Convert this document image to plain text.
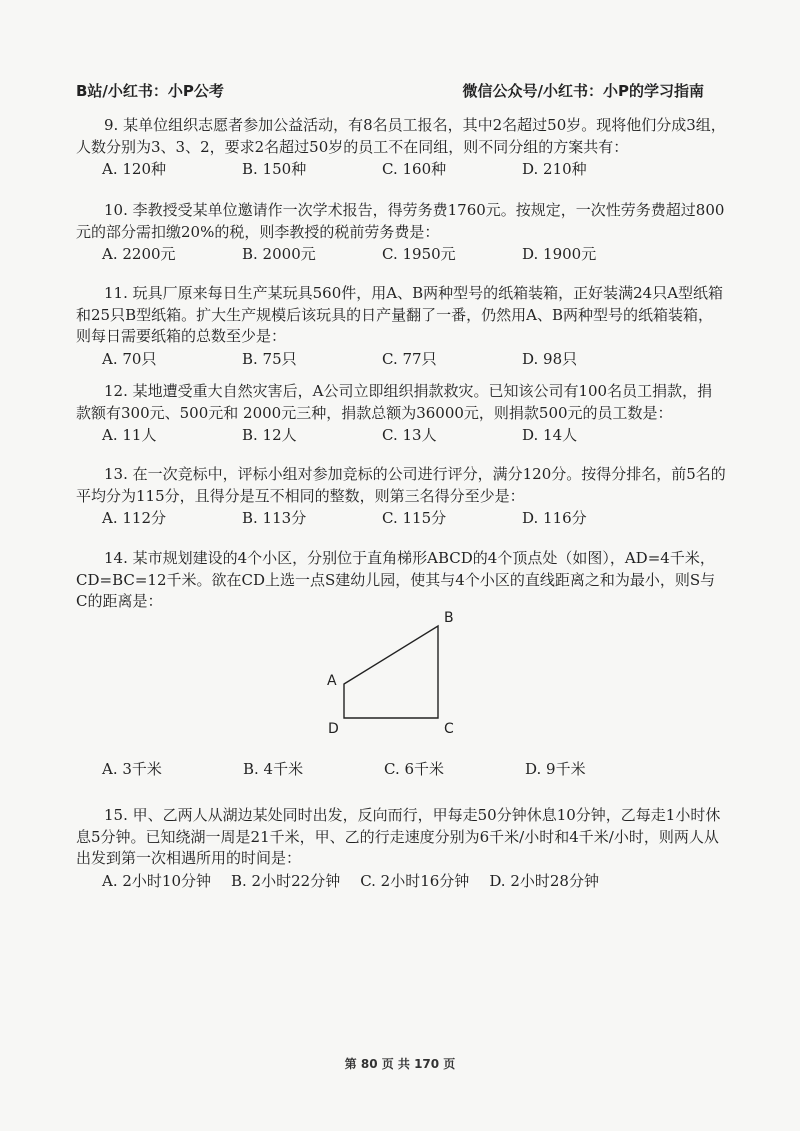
B站/小红书：小P公考	微信公众号/小红书：小P的学习指南

9. 某单位组织志愿者参加公益活动，有8名员工报名，其中2名超过50岁。现将他们分成3组，人数分别为3、3、2，要求2名超过50岁的员工不在同组，则不同分组的方案共有：

A. 120种	B. 150种	C. 160种	D. 210种

10. 李教授受某单位邀请作一次学术报告，得劳务费1760元。按规定，一次性劳务费超过800元的部分需扣缴20%的税，则李教授的税前劳务费是：

A. 2200元	B. 2000元	C. 1950元	D. 1900元

11. 玩具厂原来每日生产某玩具560件，用A、B两种型号的纸箱装箱，正好装满24只A型纸箱和25只B型纸箱。扩大生产规模后该玩具的日产量翻了一番，仍然用A、B两种型号的纸箱装箱，则每日需要纸箱的总数至少是：

A. 70只	B. 75只	C. 77只	D. 98只

12. 某地遭受重大自然灾害后，A公司立即组织捐款救灾。已知该公司有100名员工捐款，捐款额有300元、500元和 2000元三种，捐款总额为36000元，则捐款500元的员工数是：

A. 11人	B. 12人	C. 13人	D. 14人

13. 在一次竞标中，评标小组对参加竞标的公司进行评分，满分120分。按得分排名，前5名的平均分为115分，且得分是互不相同的整数，则第三名得分至少是：

A. 112分	B. 113分	C. 115分	D. 116分

14. 某市规划建设的4个小区，分别位于直角梯形ABCD的4个顶点处（如图），AD=4千米，CD=BC=12千米。欲在CD上选一点S建幼儿园，使其与4个小区的直线距离之和为最小，则S与C的距离是：

A
B
C
D
A. 3千米	B. 4千米	C. 6千米	D. 9千米

15. 甲、乙两人从湖边某处同时出发，反向而行，甲每走50分钟休息10分钟，乙每走1小时休息5分钟。已知绕湖一周是21千米，甲、乙的行走速度分别为6千米/小时和4千米/小时，则两人从出发到第一次相遇所用的时间是：

A. 2小时10分钟 B. 2小时22分钟 C. 2小时16分钟 D. 2小时28分钟
第 80 页 共 170 页
